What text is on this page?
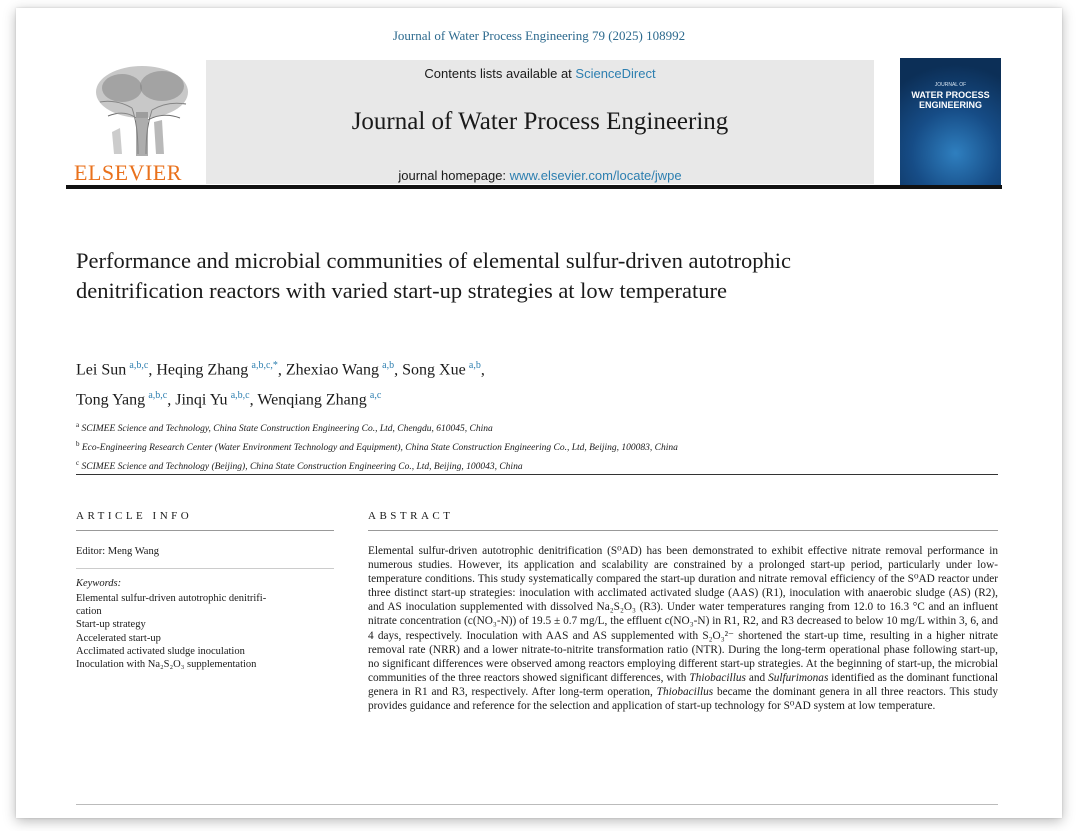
Journal of Water Process Engineering 79 (2025) 108992
ELSEVIER
Contents lists available at ScienceDirect
Journal of Water Process Engineering
journal homepage: www.elsevier.com/locate/jwpe
JOURNAL OF
WATER PROCESS ENGINEERING
Performance and microbial communities of elemental sulfur-driven autotrophic denitrification reactors with varied start-up strategies at low temperature
Lei Sun  $^{a,b,c}$, Heqing Zhang  $^{a,b,c,*}$, Zhexiao Wang  $^{a,b}$, Song Xue  $^{a,b}$,
Tong Yang  $^{a,b,c}$, Jinqi Yu  $^{a,b,c}$, Wenqiang Zhang  $^{a,c}$
$^a$ SCIMEE Science and Technology, China State Construction Engineering Co., Ltd, Chengdu, 610045, China
$^b$ Eco-Engineering Research Center (Water Environment Technology and Equipment), China State Construction Engineering Co., Ltd, Beijing, 100083, China
$^c$ SCIMEE Science and Technology (Beijing), China State Construction Engineering Co., Ltd, Beijing, 100043, China
ARTICLE INFO
Editor: Meng Wang
Keywords:
Elemental sulfur-driven autotrophic denitrifi-
cation
Start-up strategy
Accelerated start-up
Acclimated activated sludge inoculation
Inoculation with Na₂S₂O₃ supplementation
ABSTRACT
Elemental sulfur-driven autotrophic denitrification (S⁰AD) has been demonstrated to exhibit effective nitrate removal performance in numerous studies. However, its application and scalability are constrained by a prolonged start-up period, particularly under low-temperature conditions. This study systematically compared the start-up duration and nitrate removal efficiency of the S⁰AD reactor under three distinct start-up strategies: inoculation with acclimated activated sludge (AAS) (R1), inoculation with anaerobic sludge (AS) (R2), and AS inoculation supplemented with dissolved Na₂S₂O₃ (R3). Under water temperatures ranging from 12.0 to 16.3 °C and an influent nitrate concentration (c(NO₃-N)) of 19.5 ± 0.7 mg/L, the effluent c(NO₃-N) in R1, R2, and R3 decreased to below 10 mg/L within 3, 6, and 4 days, respectively. Inoculation with AAS and AS supplemented with S₂O₃²⁻ shortened the start-up time, resulting in a higher nitrate removal rate (NRR) and a lower nitrate-to-nitrite transformation ratio (NTR). During the long-term operational phase following start-up, no significant differences were observed among reactors employing different start-up strategies. At the beginning of start-up, the microbial communities of the three reactors showed significant differences, with Thiobacillus and Sulfurimonas identified as the dominant functional genera in R1 and R3, respectively. After long-term operation, Thiobacillus became the dominant genera in all three reactors. This study provides guidance and reference for the selection and application of start-up technology for S⁰AD system at low temperature.
